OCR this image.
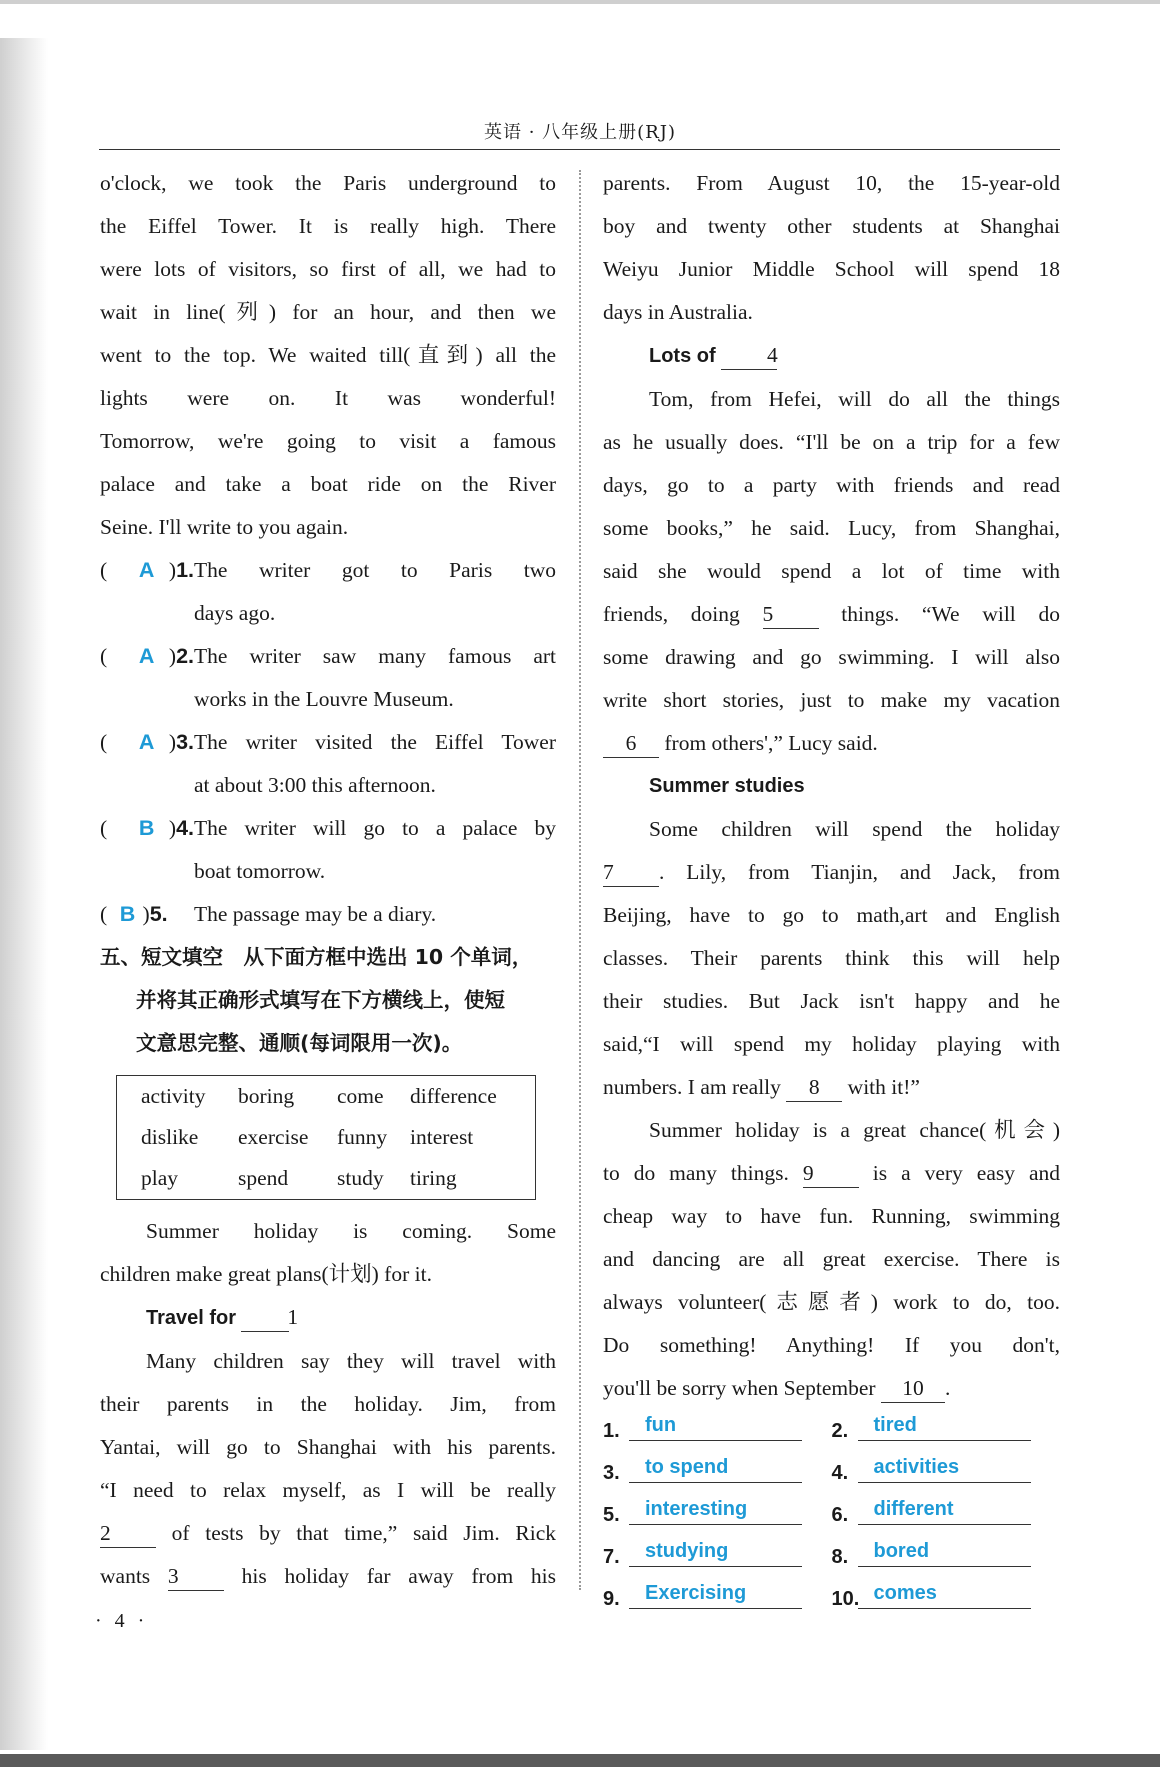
英语 · 八年级上册(RJ)
o'clock, we took the Paris underground to
the Eiffel Tower. It is really high. There
were lots of visitors, so first of all, we had to
wait in line(列) for an hour, and then we
went to the top. We waited till(直到) all the
lights were on. It was wonderful!
Tomorrow, we're going to visit a famous
palace and take a boat ride on the River
Seine. I'll write to you again.
( A )1. The writer got to Paris two
days ago.
( A )2. The writer saw many famous art
works in the Louvre Museum.
( A )3. The writer visited the Eiffel Tower
at about 3:00 this afternoon.
( B )4. The writer will go to a palace by
boat tomorrow.
( B )5.	The passage may be a diary.
五、短文填空　从下面方框中选出 10 个单词，
并将其正确形式填写在下方横线上，使短
文意思完整、通顺(每词限用一次)。
activity	boring	come	difference
dislike	exercise	funny	interest
play	spend	study	tiring
Summer holiday is coming. Some
children make great plans(计划) for it.
Travel for 1
Many children say they will travel with
their parents in the holiday. Jim, from
Yantai, will go to Shanghai with his parents.
“I need to relax myself, as I will be really
2	of tests by that time,” said Jim. Rick
wants 3	his holiday far away from his
· 4 ·
parents. From August 10, the 15-year-old
boy and twenty other students at Shanghai
Weiyu Junior Middle School will spend 18
days in Australia.
Lots of 4
Tom, from Hefei, will do all the things
as he usually does. “I'll be on a trip for a few
days, go to a party with friends and read
some books,” he said. Lucy, from Shanghai,
said she would spend a lot of time with
friends, doing 5	things. “We will do
some drawing and go swimming. I will also
write short stories, just to make my vacation
6 from others',” Lucy said.
Summer studies
Some children will spend the holiday
7 . Lily, from Tianjin, and Jack, from
Beijing, have to go to math,art and English
classes. Their parents think this will help
their studies. But Jack isn't happy and he
said,“I will spend my holiday playing with
numbers. I am really 8 with it!”
Summer holiday is a great chance(机会)
to do many things. 9	is a very easy and
cheap way to have fun. Running, swimming
and dancing are all great exercise. There is
always volunteer(志愿者) work to do, too.
Do something! Anything! If you don't,
you'll be sorry when September 10 .
1.	fun	2.	tired
3.	to spend	4.	activities
5.	interesting	6.	different
7.	studying	8.	bored
9.	Exercising	10. comes
